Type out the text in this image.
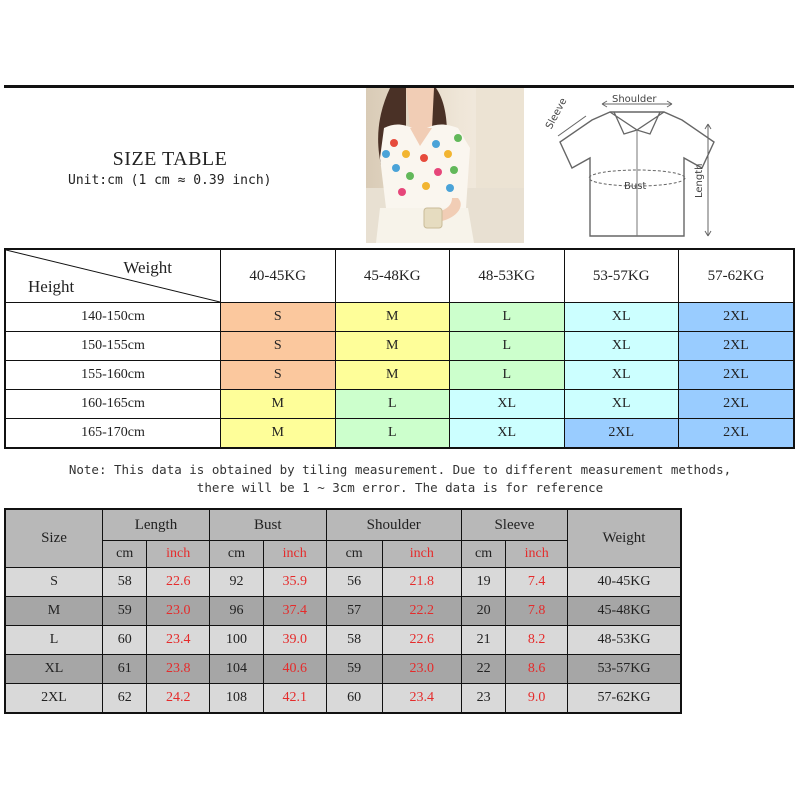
SIZE TABLE
Unit:cm (1 cm ≈ 0.39 inch)
Shoulder
Sleeve
Bust	Length
Weight
Height	40-45KG	45-48KG	48-53KG	53-57KG	57-62KG
140-150cm	S	M	L	XL	2XL
150-155cm	S	M	L	XL	2XL
155-160cm	S	M	L	XL	2XL
160-165cm	M	L	XL	XL	2XL
165-170cm	M	L	XL	2XL	2XL
Note: This data is obtained by tiling measurement. Due to different measurement methods,
there will be 1 ~ 3cm error. The data is for reference
Size	Length		Bust		Shoulder		Sleeve		Weight
	cm	inch	cm	inch	cm	inch	cm	inch	
S	58	22.6	92	35.9	56	21.8	19	7.4	40-45KG
M	59	23.0	96	37.4	57	22.2	20	7.8	45-48KG
L	60	23.4	100	39.0	58	22.6	21	8.2	48-53KG
XL	61	23.8	104	40.6	59	23.0	22	8.6	53-57KG
2XL	62	24.2	108	42.1	60	23.4	23	9.0	57-62KG
